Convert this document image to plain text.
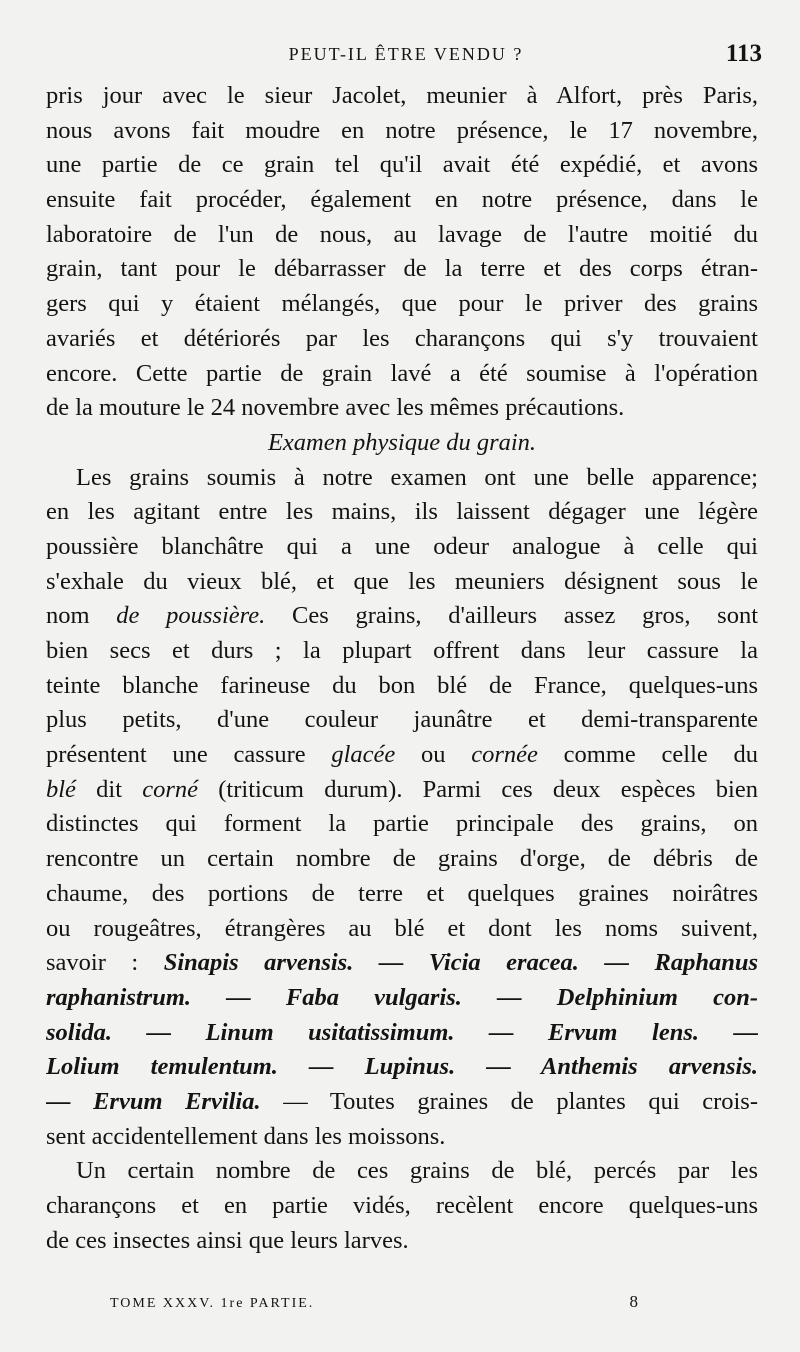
PEUT-IL ÊTRE VENDU ?	113
pris jour avec le sieur Jacolet, meunier à Alfort, près Paris,
nous avons fait moudre en notre présence, le 17 novembre,
une partie de ce grain tel qu'il avait été expédié, et avons
ensuite fait procéder, également en notre présence, dans le
laboratoire de l'un de nous, au lavage de l'autre moitié du
grain, tant pour le débarrasser de la terre et des corps étran-
gers qui y étaient mélangés, que pour le priver des grains
avariés et détériorés par les charançons qui s'y trouvaient
encore. Cette partie de grain lavé a été soumise à l'opération
de la mouture le 24 novembre avec les mêmes précautions.
Examen physique du grain.
Les grains soumis à notre examen ont une belle apparence;
en les agitant entre les mains, ils laissent dégager une légère
poussière blanchâtre qui a une odeur analogue à celle qui
s'exhale du vieux blé, et que les meuniers désignent sous le
nom de poussière. Ces grains, d'ailleurs assez gros, sont
bien secs et durs ; la plupart offrent dans leur cassure la
teinte blanche farineuse du bon blé de France, quelques-uns
plus petits, d'une couleur jaunâtre et demi-transparente
présentent une cassure glacée ou cornée comme celle du
blé dit corné (triticum durum). Parmi ces deux espèces bien
distinctes qui forment la partie principale des grains, on
rencontre un certain nombre de grains d'orge, de débris de
chaume, des portions de terre et quelques graines noirâtres
ou rougeâtres, étrangères au blé et dont les noms suivent,
savoir : Sinapis arvensis. — Vicia eracea. — Raphanus
raphanistrum. — Faba vulgaris. — Delphinium con-
solida. — Linum usitatissimum. — Ervum lens. —
Lolium temulentum. — Lupinus. — Anthemis arvensis.
— Ervum Ervilia. — Toutes graines de plantes qui crois-
sent accidentellement dans les moissons.
Un certain nombre de ces grains de blé, percés par les
charançons et en partie vidés, recèlent encore quelques-uns
de ces insectes ainsi que leurs larves.
TOME XXXV. 1re PARTIE.	8
